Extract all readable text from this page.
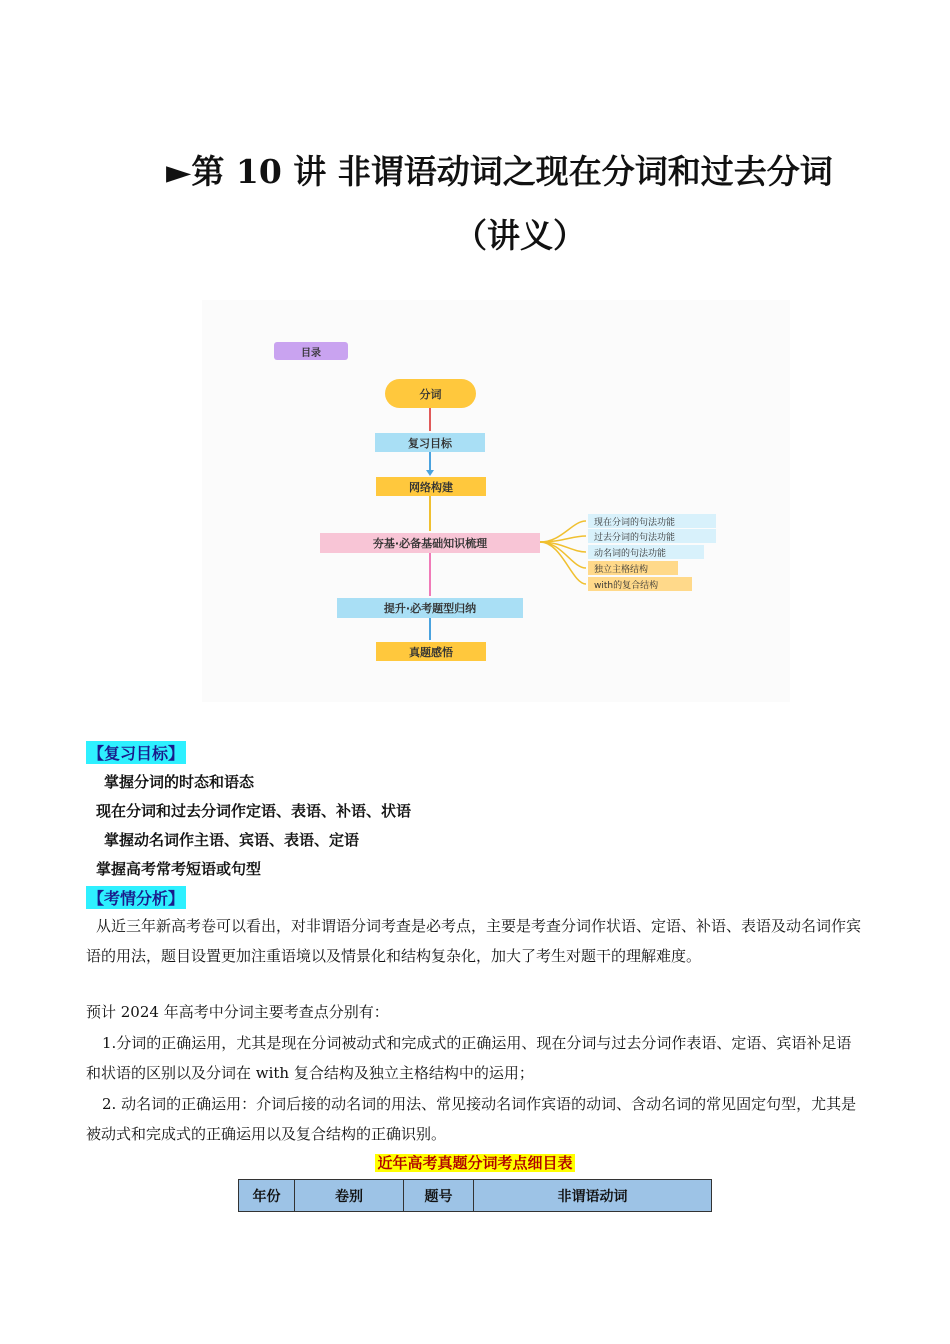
►第 10 讲 非谓语动词之现在分词和过去分词
（讲义）
目录
分词
复习目标
网络构建
夯基·必备基础知识梳理
提升·必考题型归纳
真题感悟
现在分词的句法功能
过去分词的句法功能
动名词的句法功能
独立主格结构
with的复合结构
【复习目标】
掌握分词的时态和语态
现在分词和过去分词作定语、表语、补语、状语
掌握动名词作主语、宾语、表语、定语
掌握高考常考短语或句型
【考情分析】
从近三年新高考卷可以看出，对非谓语分词考查是必考点，主要是考查分词作状语、定语、补语、表语及动名词作宾语的用法，题目设置更加注重语境以及情景化和结构复杂化，加大了考生对题干的理解难度。
预计 2024 年高考中分词主要考查点分别有：
1.分词的正确运用，尤其是现在分词被动式和完成式的正确运用、现在分词与过去分词作表语、定语、宾语补足语和状语的区别以及分词在 with 复合结构及独立主格结构中的运用；
2. 动名词的正确运用：介词后接的动名词的用法、常见接动名词作宾语的动词、含动名词的常见固定句型，尤其是被动式和完成式的正确运用以及复合结构的正确识别。
近年高考真题分词考点细目表
年份	卷别	题号	非谓语动词
